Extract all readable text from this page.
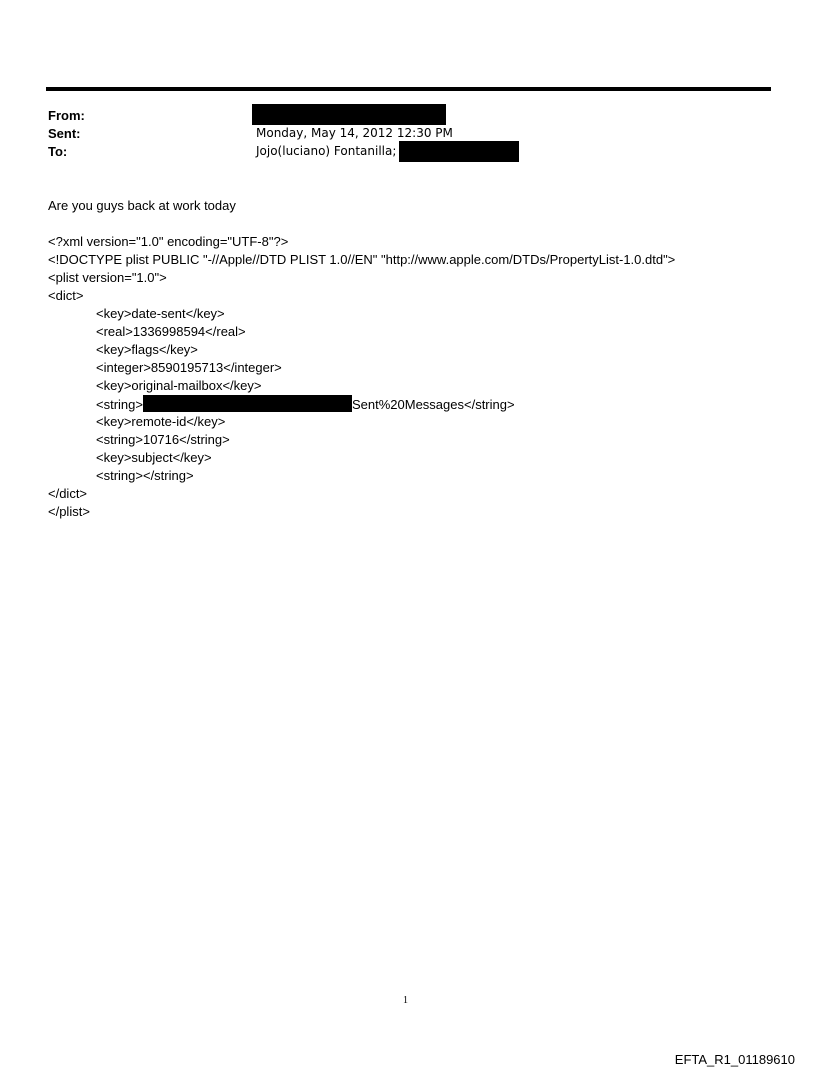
From:
Sent:	Monday, May 14, 2012 12:30 PM
To:	Jojo(luciano) Fontanilla;
Are you guys back at work today
<?xml version="1.0" encoding="UTF-8"?>
<!DOCTYPE plist PUBLIC "-//Apple//DTD PLIST 1.0//EN" "http://www.apple.com/DTDs/PropertyList-1.0.dtd">
<plist version="1.0">
<dict>
<key>date-sent</key>
<real>1336998594</real>
<key>flags</key>
<integer>8590195713</integer>
<key>original-mailbox</key>
<string>	Sent%20Messages</string>
<key>remote-id</key>
<string>10716</string>
<key>subject</key>
<string></string>
</dict>
</plist>
1
EFTA_R1_01189610
